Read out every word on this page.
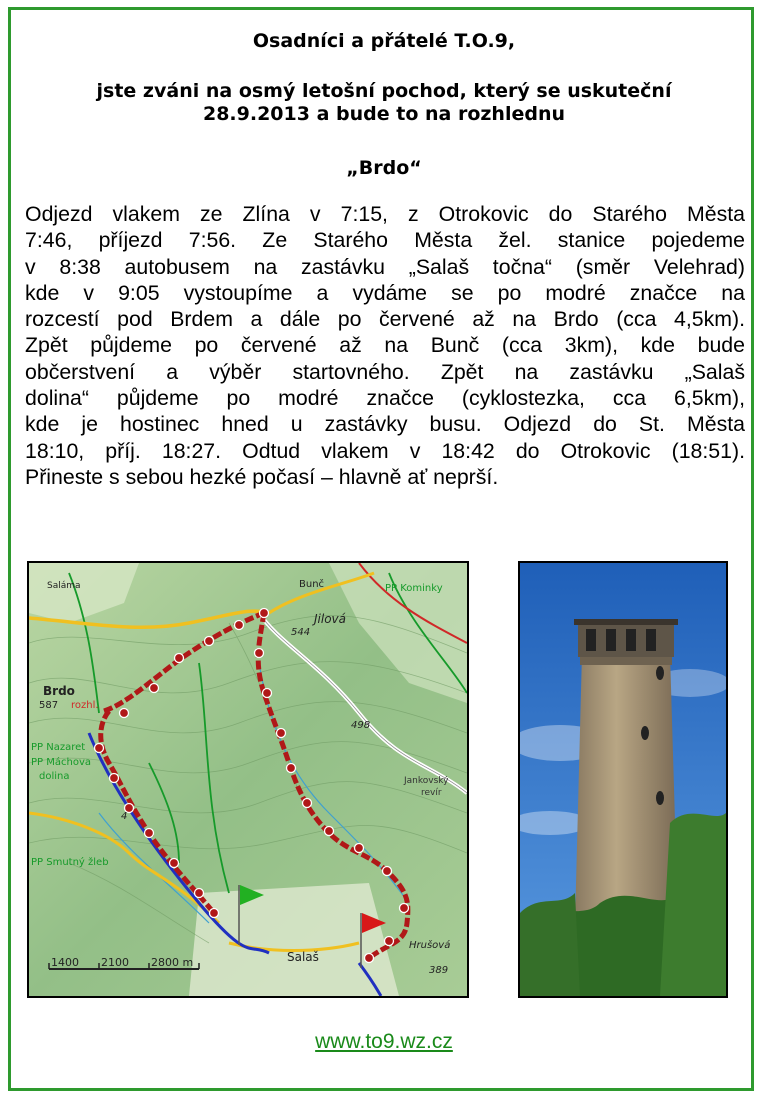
Osadníci a přátelé T.O.9,
jste zváni na osmý letošní pochod, který se uskuteční
28.9.2013 a bude to na rozhlednu
„Brdo“
Odjezd vlakem ze Zlína v 7:15, z Otrokovic do Starého Města
7:46, příjezd 7:56. Ze Starého Města žel. stanice pojedeme
v 8:38 autobusem na zastávku „Salaš točna“ (směr Velehrad)
kde v 9:05 vystoupíme a vydáme se po modré značce na
rozcestí pod Brdem a dále po červené až na Brdo (cca 4,5km).
Zpět půjdeme po červené až na Bunč (cca 3km), kde bude
občerstvení a výběr startovného. Zpět na zastávku „Salaš
dolina“ půjdeme po modré značce (cyklostezka, cca 6,5km),
kde je hostinec hned u zastávky busu. Odjezd do St. Města
18:10, příj. 18:27. Odtud vlakem v 18:42 do Otrokovic (18:51).
Přineste s sebou hezké počasí – hlavně ať neprší.
Salámа	Bunč	PP Kominky
Jilová
544
Brdo
587 rozhl.
PP Nazaret
PP Máchova
dolina
498
Jankovský
revír
4
PP Smutný žleb
Salaš
Hrušová
389
1400 2100 2800 m
www.to9.wz.cz
